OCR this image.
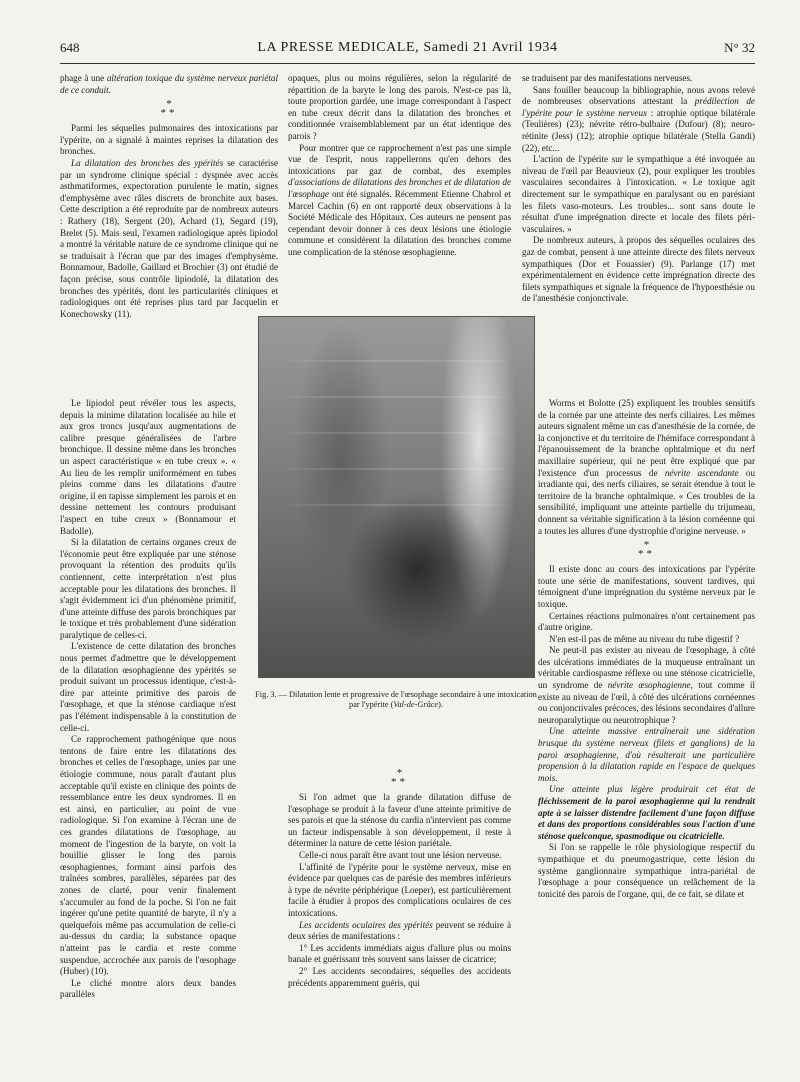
648	LA PRESSE MEDICALE, Samedi 21 Avril 1934	N° 32

phage à une altération toxique du système nerveux pariétal de ce conduit.

*
**

Parmi les séquelles pulmonaires des intoxications par l'ypérite, on a signalé à maintes reprises la dilatation des bronches.

La dilatation des bronches des ypérités se caractérise par un syndrome clinique spécial : dyspnée avec accès asthmatiformes, expectoration purulente le matin, signes d'emphysème avec râles discrets de bronchite aux bases. Cette description a été reproduite par de nombreux auteurs : Rathery (18), Sergent (20), Achard (1), Segard (19), Brelet (5). Mais seul, l'examen radiologique après lipiodol a montré la véritable nature de ce syndrome clinique qui ne se traduisait à l'écran que par des images d'emphysème. Bonnamour, Badolle, Gaillard et Brochier (3) ont étudié de façon précise, sous contrôle lipiodolé, la dilatation des bronches des ypérités, dont les particularités cliniques et radiologiques ont été reprises plus tard par Jacquelin et Konechowsky (11).

Le lipiodol peut révéler tous les aspects, depuis la minime dilatation localisée au hile et aux gros troncs jusqu'aux augmentations de calibre presque généralisées de l'arbre bronchique. Il dessine même dans les bronches un aspect caractéristique « en tube creux ». « Au lieu de les remplir uniformément en tubes pleins comme dans les dilatations d'autre origine, il en tapisse simplement les parois et en dessine nettement les contours produisant l'aspect en tube creux » (Bonnamour et Badolle).

Si la dilatation de certains organes creux de l'économie peut être expliquée par une sténose provoquant la rétention des produits qu'ils contiennent, cette interprétation n'est plus acceptable pour les dilatations des bronches. Il s'agit évidemment ici d'un phénomène primitif, d'une atteinte diffuse des parois bronchiques par le toxique et très probablement d'une sidération paralytique de celles-ci.

L'existence de cette dilatation des bronches nous permet d'admettre que le développement de la dilatation œsophagienne des ypérités se produit suivant un processus identique, c'est-à-dire par atteinte primitive des parois de l'œsophage, et que la sténose cardiaque n'est pas l'élément indispensable à la constitution de celle-ci.

Ce rapprochement pathogénique que nous tentons de faire entre les dilatations des bronches et celles de l'œsophage, unies par une étiologie commune, nous paraît d'autant plus acceptable qu'il existe en clinique des points de ressemblance entre les deux syndromes. Il en est ainsi, en particulier, au point de vue radiologique. Si l'on examine à l'écran une de ces grandes dilatations de l'œsophage, au moment de l'ingestion de la baryte, on voit la bouillie glisser le long des parois œsophagiennes, formant ainsi parfois des traînées sombres, parallèles, séparées par des zones de clarté, pour venir finalement s'accumuler au fond de la poche. Si l'on ne fait ingérer qu'une petite quantité de baryte, il n'y a quelquefois même pas accumulation de celle-ci au-dessus du cardia; la substance opaque n'atteint pas le cardia et reste comme suspendue, accrochée aux parois de l'œsophage (Huber) (10).

Le cliché montre alors deux bandes parallèles

opaques, plus ou moins régulières, selon la régularité de répartition de la baryte le long des parois. N'est-ce pas là, toute proportion gardée, une image correspondant à l'aspect en tube creux décrit dans la dilatation des bronches et conditionnée vraisemblablement par un état identique des parois ?

Pour montrer que ce rapprochement n'est pas une simple vue de l'esprit, nous rappellerons qu'en dehors des intoxications par gaz de combat, des exemples d'associations de dilatations des bronches et de dilatation de l'œsophage ont été signalés. Récemment Etienne Chabrol et Marcel Cachin (6) en ont rapporté deux observations à la Société Médicale des Hôpitaux. Ces auteurs ne pensent pas cependant devoir donner à ces deux lésions une étiologie commune et considèrent la dilatation des bronches comme une complication de la sténose œsophagienne.

Fig. 3. — Dilatation lente et progressive de l'œsophage secondaire à une intoxication par l'ypérite (Val-de-Grâce).
*
**

Si l'on admet que la grande dilatation diffuse de l'œsophage se produit à la faveur d'une atteinte primitive de ses parois et que la sténose du cardia n'intervient pas comme un facteur indispensable à son développement, il reste à déterminer la nature de cette lésion pariétale.

Celle-ci nous paraît être avant tout une lésion nerveuse.

L'affinité de l'ypérite pour le système nerveux, mise en évidence par quelques cas de parésie des membres inférieurs à type de névrite périphérique (Loeper), est particulièrement facile à étudier à propos des complications oculaires de ces intoxications.

Les accidents oculaires des ypérités peuvent se réduire à deux séries de manifestations :

1° Les accidents immédiats aigus d'allure plus ou moins banale et guérissant très souvent sans laisser de cicatrice;

2° Les accidents secondaires, séquelles des accidents précédents apparemment guéris, qui

se traduisent par des manifestations nerveuses.

Sans fouiller beaucoup la bibliographie, nous avons relevé de nombreuses observations attestant la prédilection de l'ypérite pour le système nerveux : atrophie optique bilatérale (Teulières) (23); névrite rétro-bulbaire (Dufour) (8); neuro-rétinite (Jess) (12); atrophie optique bilatérale (Stella Gandi) (22), etc...

L'action de l'ypérite sur le sympathique a été invoquée au niveau de l'œil par Beauvieux (2), pour expliquer les troubles vasculaires secondaires à l'intoxication. « Le toxique agit directement sur le sympathique en paralysant ou en parésiant les filets vaso-moteurs. Les troubles... sont sans doute le résultat d'une imprégnation directe et locale des filets péri-vasculaires. »

De nombreux auteurs, à propos des séquelles oculaires des gaz de combat, pensent à une atteinte directe des filets nerveux sympathiques (Dor et Fouassier) (9). Parlange (17) met expérimentalement en évidence cette imprégnation directe des filets sympathiques et signale la fréquence de l'hypoesthésie ou de l'anesthésie conjonctivale.

Worms et Bolotte (25) expliquent les troubles sensitifs de la cornée par une atteinte des nerfs ciliaires. Les mêmes auteurs signalent même un cas d'anesthésie de la cornée, de la conjonctive et du territoire de l'hémiface correspondant à l'épanouissement de la branche ophtalmique et du nerf maxillaire supérieur, qui ne peut être expliqué que par l'existence d'un processus de névrite ascendante ou irradiante qui, des nerfs ciliaires, se serait étendue à tout le territoire de la branche ophtalmique. « Ces troubles de la sensibilité, impliquant une atteinte partielle du trijumeau, donnent sa véritable signification à la lésion cornéenne qui a toutes les allures d'une dystrophie d'origine nerveuse. »

*
**

Il existe donc au cours des intoxications par l'ypérite toute une série de manifestations, souvent tardives, qui témoignent d'une imprégnation du système nerveux par le toxique.

Certaines réactions pulmonaires n'ont certainement pas d'autre origine.

N'en est-il pas de même au niveau du tube digestif ?

Ne peut-il pas exister au niveau de l'œsophage, à côté des ulcérations immédiates de la muqueuse entraînant un véritable cardiospasme réflexe ou une sténose cicatricielle, un syndrome de névrite œsophagienne, tout comme il existe au niveau de l'œil, à côté des ulcérations cornéennes ou conjonctivales précoces, des lésions secondaires d'allure neuroparalytique ou neurotrophique ?

Une atteinte massive entraînerait une sidération brusque du système nerveux (filets et ganglions) de la paroi œsophagienne, d'où résulterait une particulière propension à la dilatation rapide en l'espace de quelques mois.

Une atteinte plus légère produirait cet état de fléchissement de la paroi œsophagienne qui la rendrait apte à se laisser distendre facilement d'une façon diffuse et dans des proportions considérables sous l'action d'une sténose quelconque, spasmodique ou cicatricielle.

Si l'on se rappelle le rôle physiologique respectif du sympathique et du pneumogastrique, cette lésion du système ganglionnaire sympathique intra-pariétal de l'œsophage a pour conséquence un relâchement de la tonicité des parois de l'organe, qui, de ce fait, se dilate et
